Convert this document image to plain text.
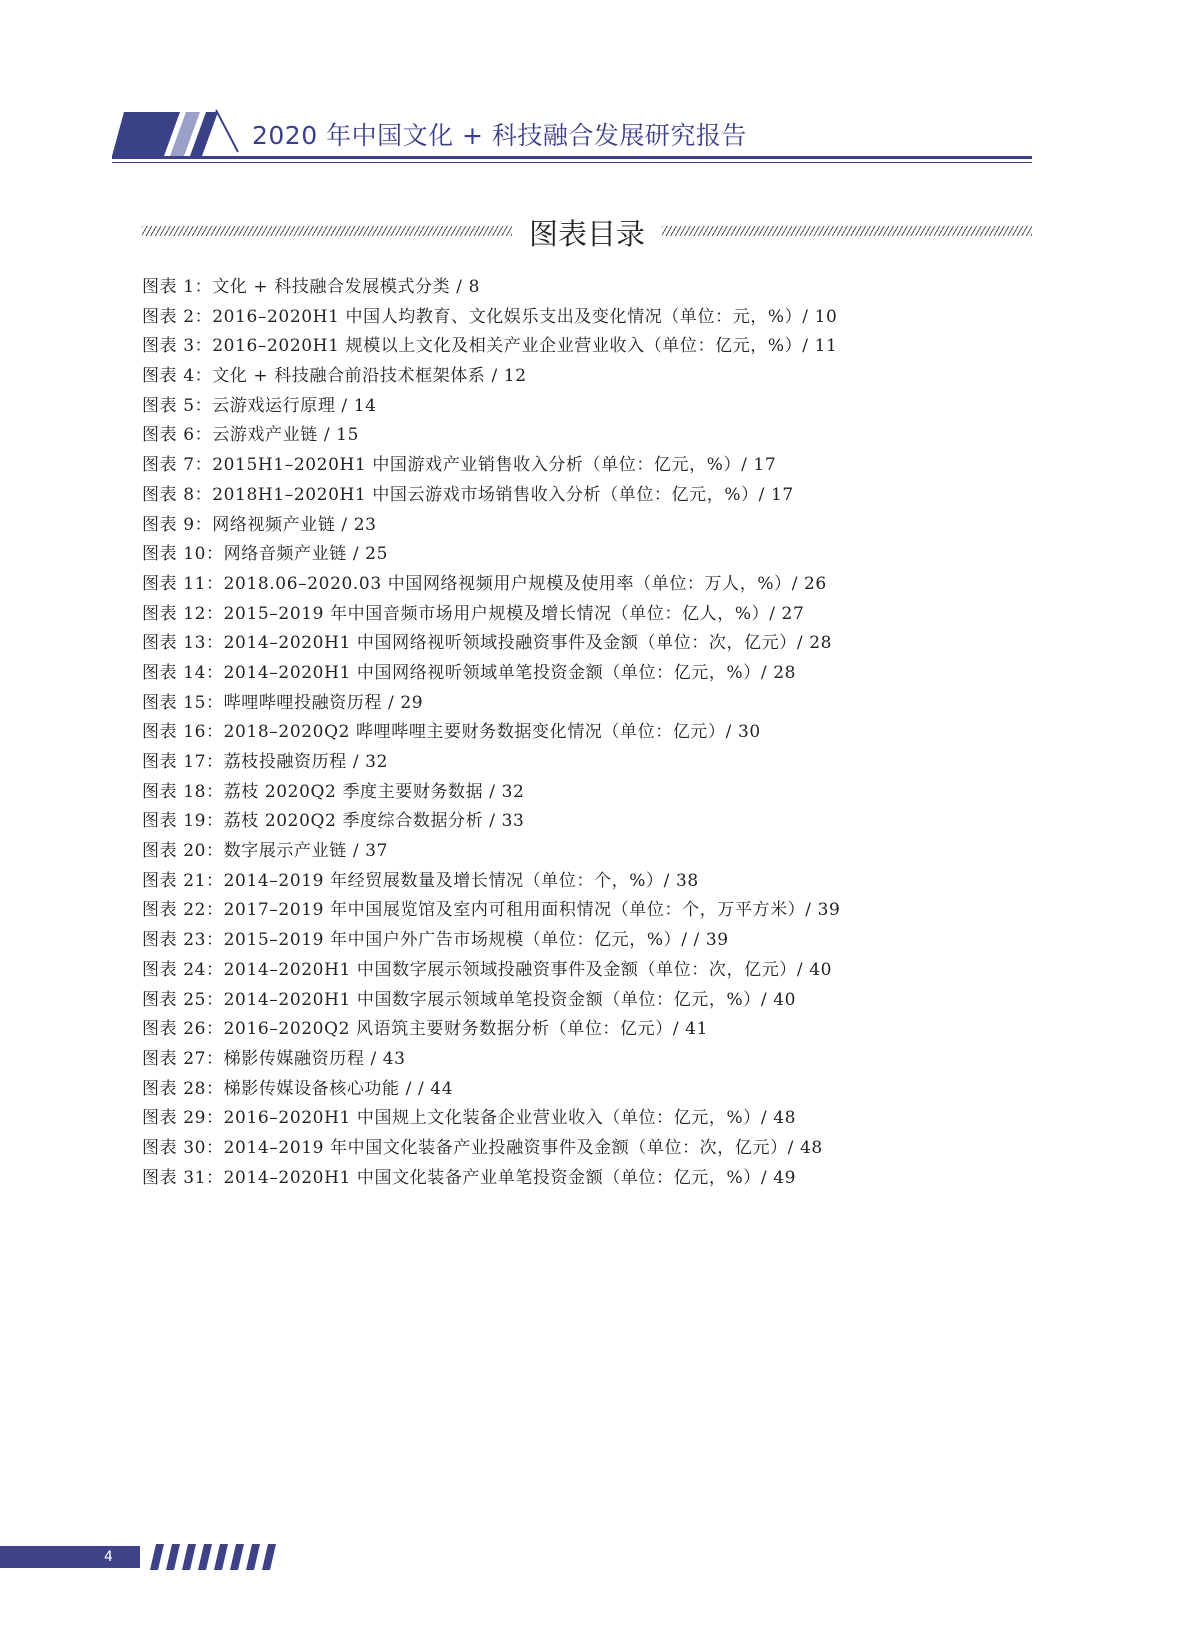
2020 年中国文化 + 科技融合发展研究报告
图表目录
图表 1：文化 + 科技融合发展模式分类 / 8
图表 2：2016–2020H1 中国人均教育、文化娱乐支出及变化情况（单位：元，%）/ 10
图表 3：2016–2020H1 规模以上文化及相关产业企业营业收入（单位：亿元，%）/ 11
图表 4：文化 + 科技融合前沿技术框架体系 / 12
图表 5：云游戏运行原理 / 14
图表 6：云游戏产业链 / 15
图表 7：2015H1–2020H1 中国游戏产业销售收入分析（单位：亿元，%）/ 17
图表 8：2018H1–2020H1 中国云游戏市场销售收入分析（单位：亿元，%）/ 17
图表 9：网络视频产业链 / 23
图表 10：网络音频产业链 / 25
图表 11：2018.06–2020.03 中国网络视频用户规模及使用率（单位：万人，%）/ 26
图表 12：2015–2019 年中国音频市场用户规模及增长情况（单位：亿人，%）/ 27
图表 13：2014–2020H1 中国网络视听领域投融资事件及金额（单位：次，亿元）/ 28
图表 14：2014–2020H1 中国网络视听领域单笔投资金额（单位：亿元，%）/ 28
图表 15：哔哩哔哩投融资历程 / 29
图表 16：2018–2020Q2 哔哩哔哩主要财务数据变化情况（单位：亿元）/ 30
图表 17：荔枝投融资历程 / 32
图表 18：荔枝 2020Q2 季度主要财务数据 / 32
图表 19：荔枝 2020Q2 季度综合数据分析 / 33
图表 20：数字展示产业链 / 37
图表 21：2014–2019 年经贸展数量及增长情况（单位：个，%）/ 38
图表 22：2017–2019 年中国展览馆及室内可租用面积情况（单位：个，万平方米）/ 39
图表 23：2015–2019 年中国户外广告市场规模（单位：亿元，%）/ / 39
图表 24：2014–2020H1 中国数字展示领域投融资事件及金额（单位：次，亿元）/ 40
图表 25：2014–2020H1 中国数字展示领域单笔投资金额（单位：亿元，%）/ 40
图表 26：2016–2020Q2 风语筑主要财务数据分析（单位：亿元）/ 41
图表 27：梯影传媒融资历程 / 43
图表 28：梯影传媒设备核心功能 / / 44
图表 29：2016–2020H1 中国规上文化装备企业营业收入（单位：亿元，%）/ 48
图表 30：2014–2019 年中国文化装备产业投融资事件及金额（单位：次，亿元）/ 48
图表 31：2014–2020H1 中国文化装备产业单笔投资金额（单位：亿元，%）/ 49
4
